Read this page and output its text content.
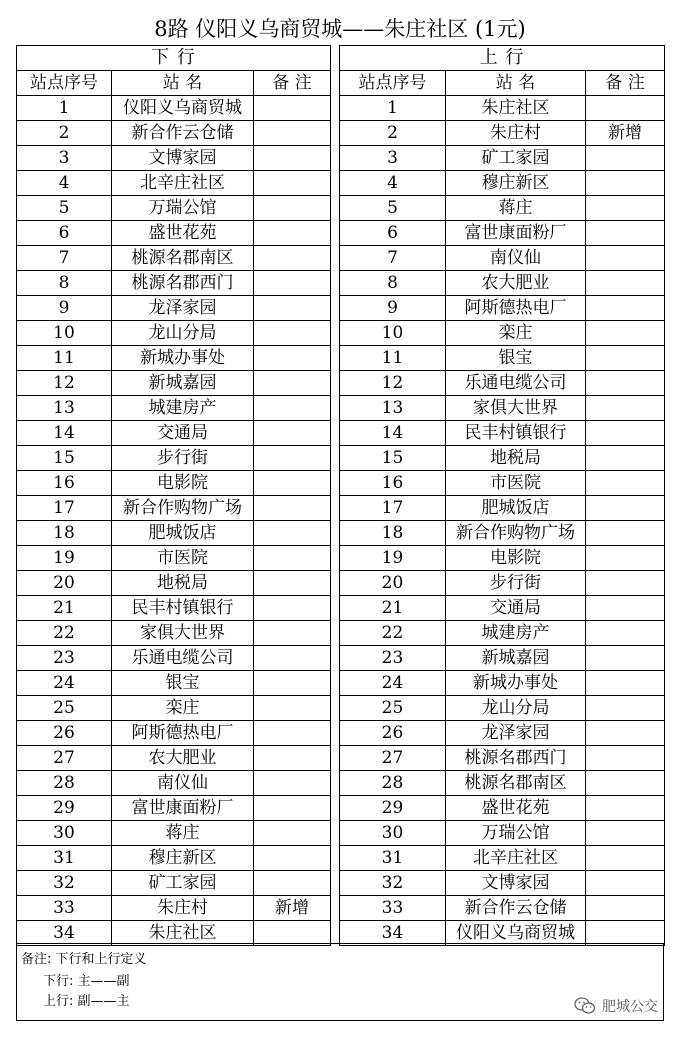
8路 仪阳义乌商贸城——朱庄社区 (1元)
下 行		
站点序号	站 名	备 注
1	仪阳义乌商贸城	
2	新合作云仓储	
3	文博家园	
4	北辛庄社区	
5	万瑞公馆	
6	盛世花苑	
7	桃源名郡南区	
8	桃源名郡西门	
9	龙泽家园	
10	龙山分局	
11	新城办事处	
12	新城嘉园	
13	城建房产	
14	交通局	
15	步行街	
16	电影院	
17	新合作购物广场	
18	肥城饭店	
19	市医院	
20	地税局	
21	民丰村镇银行	
22	家俱大世界	
23	乐通电缆公司	
24	银宝	
25	栾庄	
26	阿斯德热电厂	
27	农大肥业	
28	南仪仙	
29	富世康面粉厂	
30	蒋庄	
31	穆庄新区	
32	矿工家园	
33	朱庄村	新增
34	朱庄社区	
上 行		
站点序号	站 名	备 注
1	朱庄社区	
2	朱庄村	新增
3	矿工家园	
4	穆庄新区	
5	蒋庄	
6	富世康面粉厂	
7	南仪仙	
8	农大肥业	
9	阿斯德热电厂	
10	栾庄	
11	银宝	
12	乐通电缆公司	
13	家俱大世界	
14	民丰村镇银行	
15	地税局	
16	市医院	
17	肥城饭店	
18	新合作购物广场	
19	电影院	
20	步行街	
21	交通局	
22	城建房产	
23	新城嘉园	
24	新城办事处	
25	龙山分局	
26	龙泽家园	
27	桃源名郡西门	
28	桃源名郡南区	
29	盛世花苑	
30	万瑞公馆	
31	北辛庄社区	
32	文博家园	
33	新合作云仓储	
34	仪阳义乌商贸城	
备注: 下行和上行定义
下行: 主——副
上行: 副——主	肥城公交
